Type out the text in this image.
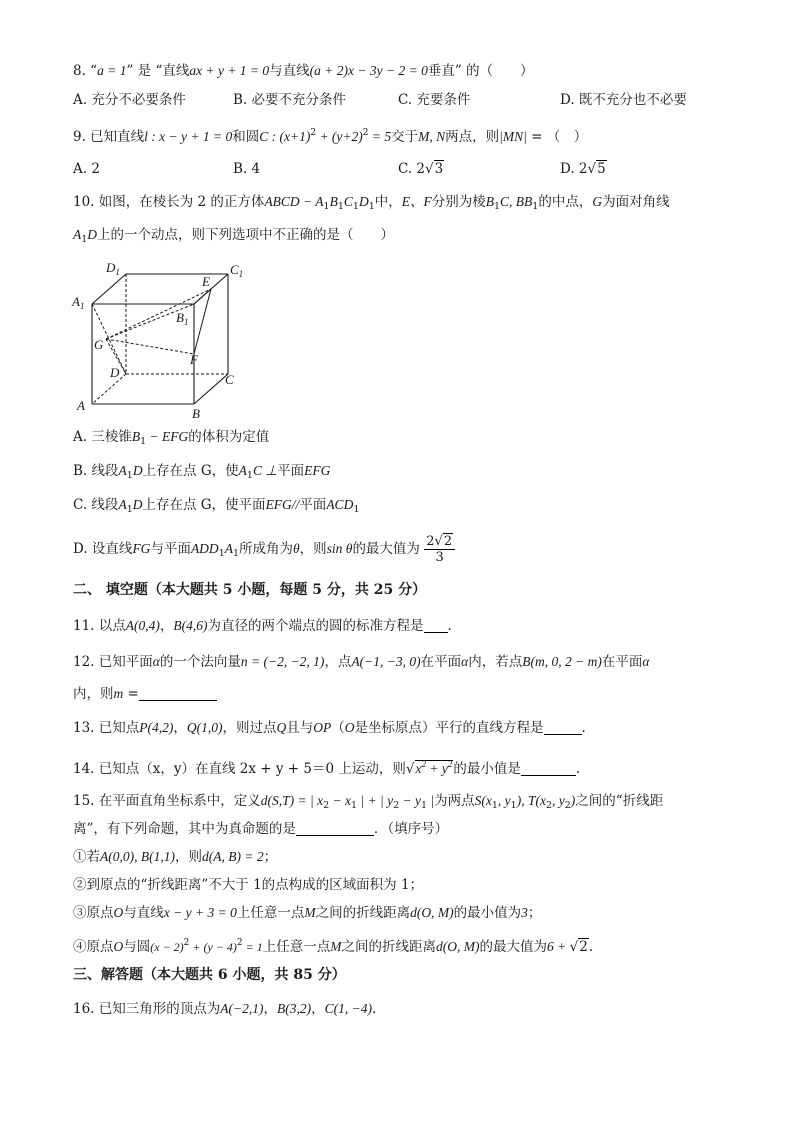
8. “a = 1” 是 “直线ax + y + 1 = 0与直线(a + 2)x − 3y − 2 = 0垂直” 的（　　）
A. 充分不必要条件	B. 必要不充分条件	C. 充要条件	D. 既不充分也不必要
9. 已知直线l : x − y + 1 = 0和圆C : $(x+1)^2 + (y+2)^2 = 5$交于M, N两点，则|MN| = （　）
A. 2	B. 4	C. 2√3	D. 2√5
10. 如图，在棱长为 2 的正方体ABCD − $A_1B_1C_1D_1$中，E、F分别为棱$B_1C$, $BB_1$的中点，G为面对角线
$A_1D$上的一个动点，则下列选项中不正确的是（　　）
$D_1$	$C_1$
$A_1$
E
$B_1$
G
F
D	C
A
B
A. 三棱锥$B_1$ − EFG的体积为定值
B. 线段$A_1D$上存在点 G，使$A_1C$ ⊥平面EFG
C. 线段$A_1D$上存在点 G，使平面EFG//平面$ACD_1$
D. 设直线FG与平面$ADD_1A_1$所成角为θ，则sin θ的最大值为 $\frac{2√2}{3}$
二、 填空题（本大题共 5 小题，每题 5 分，共 25 分）
11. 以点A(0,4)，B(4,6)为直径的两个端点的圆的标准方程是 .
12. 已知平面α的一个法向量n = (−2, −2, 1)，点A(−1, −3, 0)在平面α内，若点B(m, 0, 2 − m)在平面α
内，则m =
13. 已知点P(4,2)，Q(1,0)，则过点Q且与OP（O是坐标原点）平行的直线方程是	.
14. 已知点（x，y）在直线 2x + y + 5＝0 上运动，则$√x^2 + y^2$的最小值是	.
15. 在平面直角坐标系中，定义d(S,T) = | $x_2 - x_1$ | + | $y_2 - y_1$ |为两点$S(x_1$, $y_1$), $T(x_2$, $y_2$)之间的“折线距
离”，有下列命题，其中为真命题的是	．（填序号）
①若A(0,0), B(1,1)，则d(A, B) = 2；
②到原点的“折线距离”不大于 1的点构成的区域面积为 1；
③原点O与直线x − y + 3 = 0上任意一点M之间的折线距离d(O, M)的最小值为3；
④原点O与圆$(x - 2)^2 + (y - 4)^2 = 1$上任意一点M之间的折线距离d(O, M)的最大值为6 + √2.
三、解答题（本大题共 6 小题，共 85 分）
16. 已知三角形的顶点为A(−2,1)，B(3,2)，C(1, −4).
